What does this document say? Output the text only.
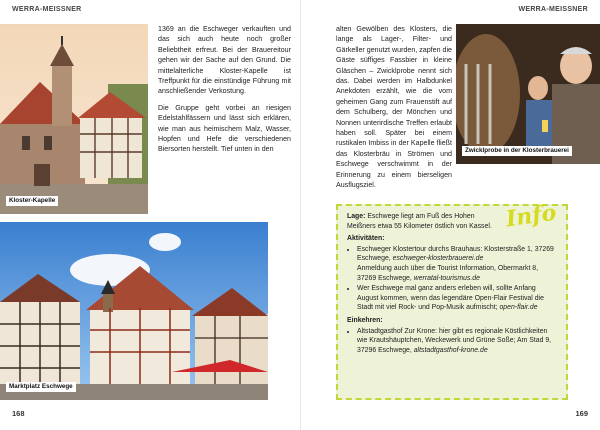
WERRA-MEISSNER
Kloster-Kapelle

1369 an die Eschweger verkauften und das sich auch heute noch großer Beliebtheit erfreut. Bei der Brauereitour gehen wir der Sache auf den Grund. Die mittelalterliche Kloster-Kapelle ist Treffpunkt für die einstündige Führung mit anschließender Verkostung.

Die Gruppe geht vorbei an riesigen Edelstahlfässern und lässt sich erklären, wie man aus heimischem Malz, Wasser, Hopfen und Hefe die verschiedenen Biersorten herstellt. Tief unten in den

Marktplatz Eschwege
168
WERRA-MEISSNER

alten Gewölben des Klosters, die lange als Lager-, Filter- und Gärkeller genutzt wurden, zapfen die Gäste süffiges Fassbier in kleine Gläschen – Zwicklprobe nennt sich das. Dabei werden im Halbdunkel Anekdoten erzählt, wie die vom geheimen Gang zum Frauenstift auf dem Schulberg, der Mönchen und Nonnen unterirdische Treffen erlaubt haben soll. Später bei einem rustikalen Imbiss in der Kapelle fließt das Klosterbräu in Strömen und Eschwege verschwimmt in der Erinnerung zu einem bierseligen Ausflugsziel.

Zwicklprobe in der Klosterbrauerei
Info
Lage: Eschwege liegt am Fuß des Hohen Meißners etwa 55 Kilometer östlich von Kassel.
Aktivitäten:
• Eschweger Klostertour durchs Brauhaus: Klosterstraße 1, 37269 Eschwege, eschweger-klosterbrauerei.de
Anmeldung auch über die Tourist Information, Obermarkt 8, 37269 Eschwege, werratal-tourismus.de
• Wer Eschwege mal ganz anders erleben will, sollte Anfang August kommen, wenn das legendäre Open-Flair Festival die Stadt mit viel Rock- und Pop-Musik aufmischt; open-flair.de
Einkehren:
• Altstadtgasthof Zur Krone: hier gibt es regionale Köstlichkeiten wie Krautshäuptchen, Weckewerk und Grüne Soße; Am Stad 9, 37296 Eschwege, altstadtgasthof-krone.de
169
